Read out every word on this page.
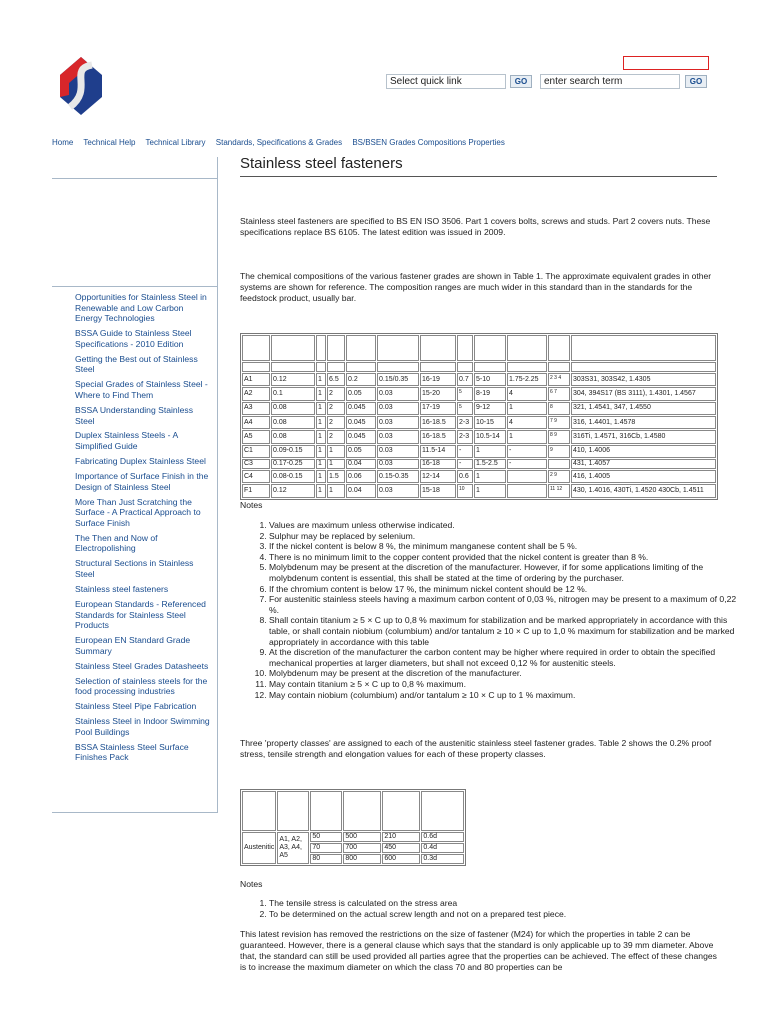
Select quick link	GO	enter search term	GO
Home Technical Help Technical Library Standards, Specifications & Grades BS/BSEN Grades Compositions Properties
Opportunities for Stainless Steel in Renewable and Low Carbon Energy Technologies
BSSA Guide to Stainless Steel Specifications - 2010 Edition
Getting the Best out of Stainless Steel
Special Grades of Stainless Steel - Where to Find Them
BSSA Understanding Stainless Steel
Duplex Stainless Steels - A Simplified Guide
Fabricating Duplex Stainless Steel
Importance of Surface Finish in the Design of Stainless Steel
More Than Just Scratching the Surface - A Practical Approach to Surface Finish
The Then and Now of Electropolishing
Structural Sections in Stainless Steel
Stainless steel fasteners
European Standards - Referenced Standards for Stainless Steel Products
European EN Standard Grade Summary
Stainless Steel Grades Datasheets
Selection of stainless steels for the food processing industries
Stainless Steel Pipe Fabrication
Stainless Steel in Indoor Swimming Pool Buildings
BSSA Stainless Steel Surface Finishes Pack
Stainless steel fasteners
Stainless steel fasteners are specified to BS EN ISO 3506. Part 1 covers bolts, screws and studs. Part 2 covers nuts. These specifications replace BS 6105. The latest edition was issued in 2009.
The chemical compositions of the various fastener grades are shown in Table 1. The approximate equivalent grades in other systems are shown for reference. The composition ranges are much wider in this standard than in the standards for the feedstock product, usually bar.

A1	0.12	1	6.5	0.2	0.15/0.35	16-19	0.7	5-10	1.75-2.25	$^{2 3 4}$	303S31, 303S42, 1.4305
A2	0.1	1	2	0.05	0.03	15-20	$^5$	8-19	4	$^{6 7}$	304, 394S17 (BS 3111), 1.4301, 1.4567
A3	0.08	1	2	0.045	0.03	17-19	$^5$	9-12	1	$^8$	321, 1.4541, 347, 1.4550
A4	0.08	1	2	0.045	0.03	16-18.5	2-3	10-15	4	$^{7 9}$	316, 1.4401, 1.4578
A5	0.08	1	2	0.045	0.03	16-18.5	2-3	10.5-14	1	$^{8 9}$	316Ti, 1.4571, 316Cb, 1.4580
C1	0.09-0.15	1	1	0.05	0.03	11.5-14	-	1	-	$^9$	410, 1.4006
C3	0.17-0.25	1	1	0.04	0.03	16-18	-	1.5-2.5	-		431, 1.4057
C4	0.08-0.15	1	1.5	0.06	0.15-0.35	12-14	0.6	1		$^{2 9}$	416, 1.4005
F1	0.12	1	1	0.04	0.03	15-18	$^{10}$	1		$^{11 12}$	430, 1.4016, 430Ti, 1.4520 430Cb, 1.4511
Notes
1. Values are maximum unless otherwise indicated.
2. Sulphur may be replaced by selenium.
3. If the nickel content is below 8 %, the minimum manganese content shall be 5 %.
4. There is no minimum limit to the copper content provided that the nickel content is greater than 8 %.
5. Molybdenum may be present at the discretion of the manufacturer. However, if for some applications limiting of the molybdenum content is essential, this shall be stated at the time of ordering by the purchaser.
6. If the chromium content is below 17 %, the minimum nickel content should be 12 %.
7. For austenitic stainless steels having a maximum carbon content of 0,03 %, nitrogen may be present to a maximum of 0,22 %.
8. Shall contain titanium ≥ 5 × C up to 0,8 % maximum for stabilization and be marked appropriately in accordance with this table, or shall contain niobium (columbium) and/or tantalum ≥ 10 × C up to 1,0 % maximum for stabilization and be marked appropriately in accordance with this table
9. At the discretion of the manufacturer the carbon content may be higher where required in order to obtain the specified mechanical properties at larger diameters, but shall not exceed 0,12 % for austenitic steels.
10. Molybdenum may be present at the discretion of the manufacturer.
11. May contain titanium ≥ 5 × C up to 0,8 % maximum.
12. May contain niobium (columbium) and/or tantalum ≥ 10 × C up to 1 % maximum.
Three 'property classes' are assigned to each of the austenitic stainless steel fastener grades. Table 2 shows the 0.2% proof stress, tensile strength and elongation values for each of these property classes.

Austenitic	A1, A2, A3, A4, A5	50	500	210	0.6d
		70	700	450	0.4d
		80	800	600	0.3d
Notes
1. The tensile stress is calculated on the stress area
2. To be determined on the actual screw length and not on a prepared test piece.
This latest revision has removed the restrictions on the size of fastener (M24) for which the properties in table 2 can be guaranteed. However, there is a general clause which says that the standard is only applicable up to 39 mm diameter. Above that, the standard can still be used provided all parties agree that the properties can be achieved. The effect of these changes is to increase the maximum diameter on which the class 70 and 80 properties can be
